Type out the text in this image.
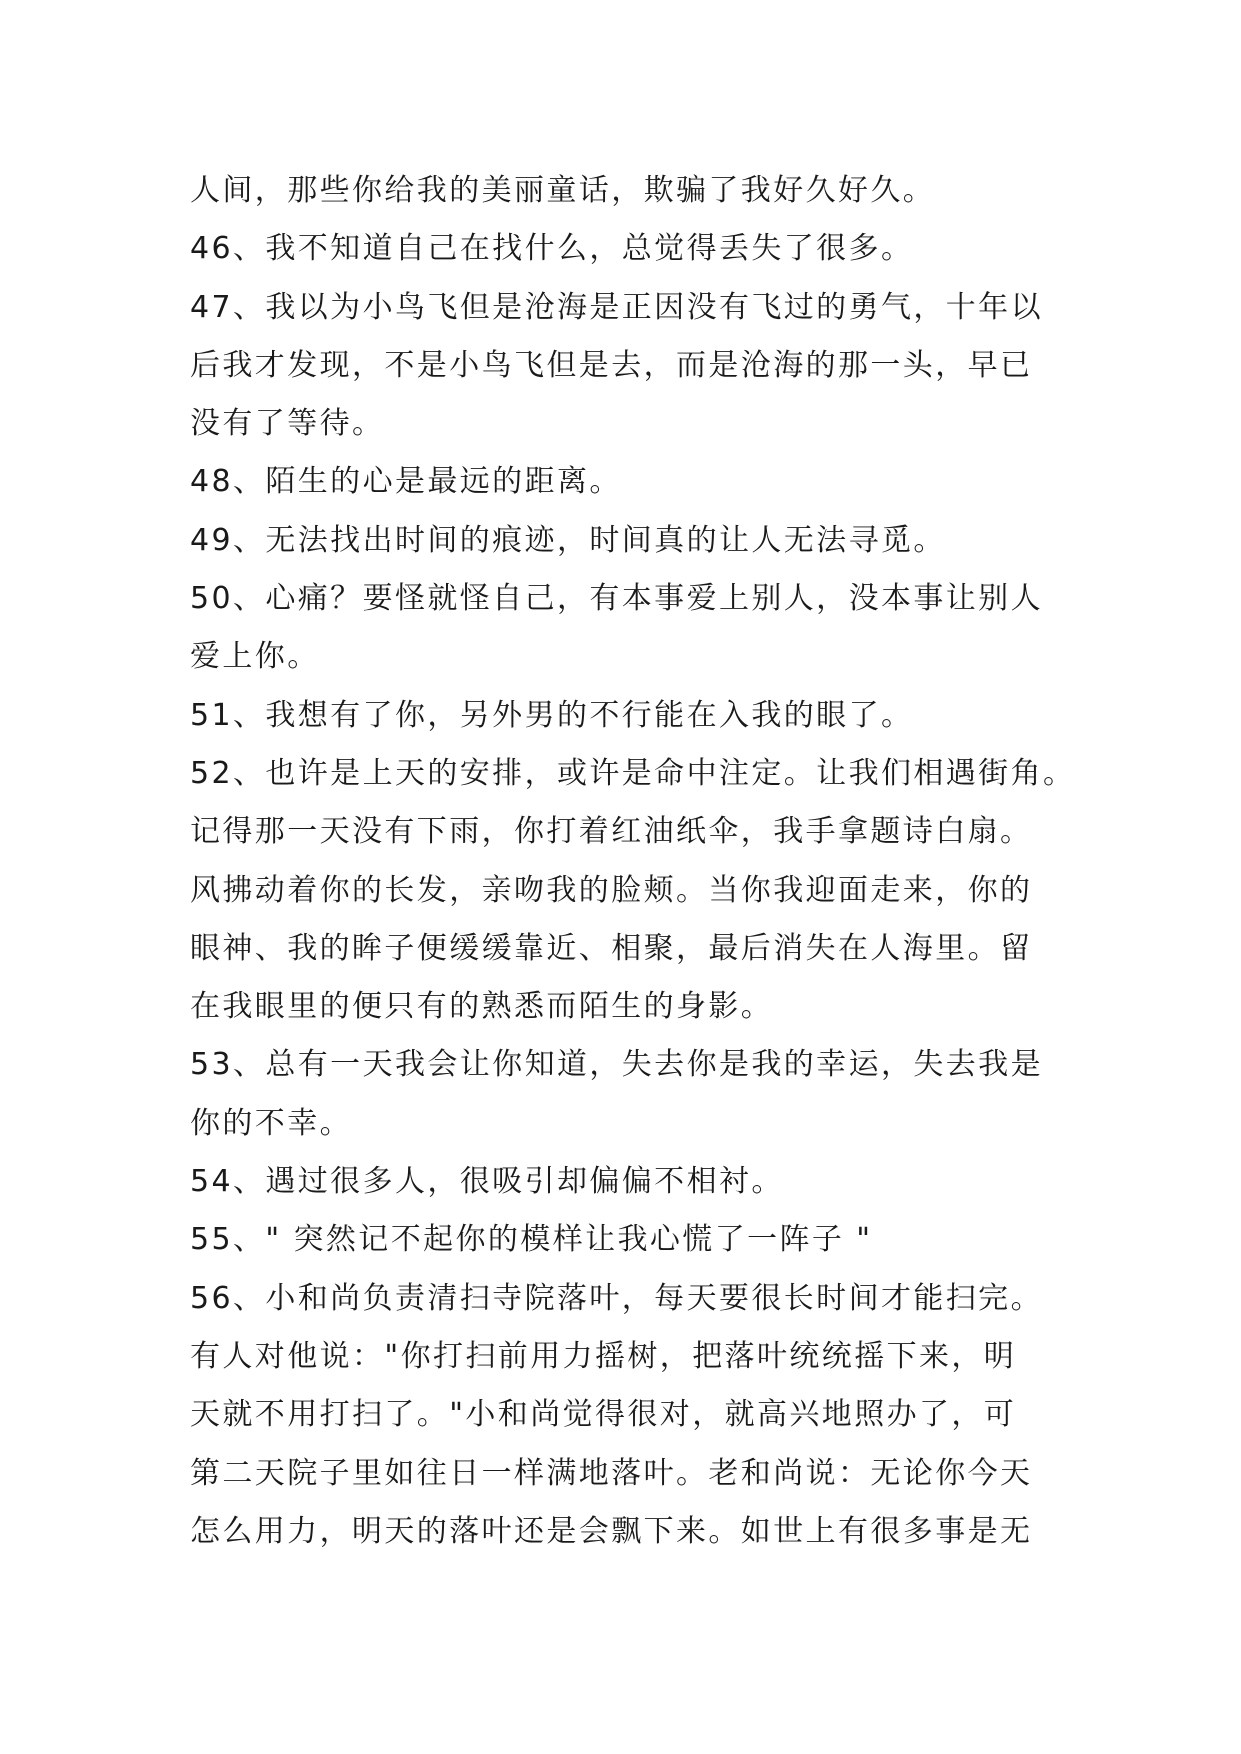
人间，那些你给我的美丽童话，欺骗了我好久好久。
46、我不知道自己在找什么，总觉得丢失了很多。
47、我以为小鸟飞但是沧海是正因没有飞过的勇气，十年以
后我才发现，不是小鸟飞但是去，而是沧海的那一头，早已
没有了等待。
48、陌生的心是最远的距离。
49、无法找出时间的痕迹，时间真的让人无法寻觅。
50、心痛？要怪就怪自己，有本事爱上别人，没本事让别人
爱上你。
51、我想有了你，另外男的不行能在入我的眼了。
52、也许是上天的安排，或许是命中注定。让我们相遇街角。
记得那一天没有下雨，你打着红油纸伞，我手拿题诗白扇。
风拂动着你的长发，亲吻我的脸颊。当你我迎面走来，你的
眼神、我的眸子便缓缓靠近、相聚，最后消失在人海里。留
在我眼里的便只有的熟悉而陌生的身影。
53、总有一天我会让你知道，失去你是我的幸运，失去我是
你的不幸。
54、遇过很多人，很吸引却偏偏不相衬。
55、" 突然记不起你的模样让我心慌了一阵子 "
56、小和尚负责清扫寺院落叶，每天要很长时间才能扫完。
有人对他说："你打扫前用力摇树，把落叶统统摇下来，明
天就不用打扫了。"小和尚觉得很对，就高兴地照办了，可
第二天院子里如往日一样满地落叶。老和尚说：无论你今天
怎么用力，明天的落叶还是会飘下来。如世上有很多事是无
